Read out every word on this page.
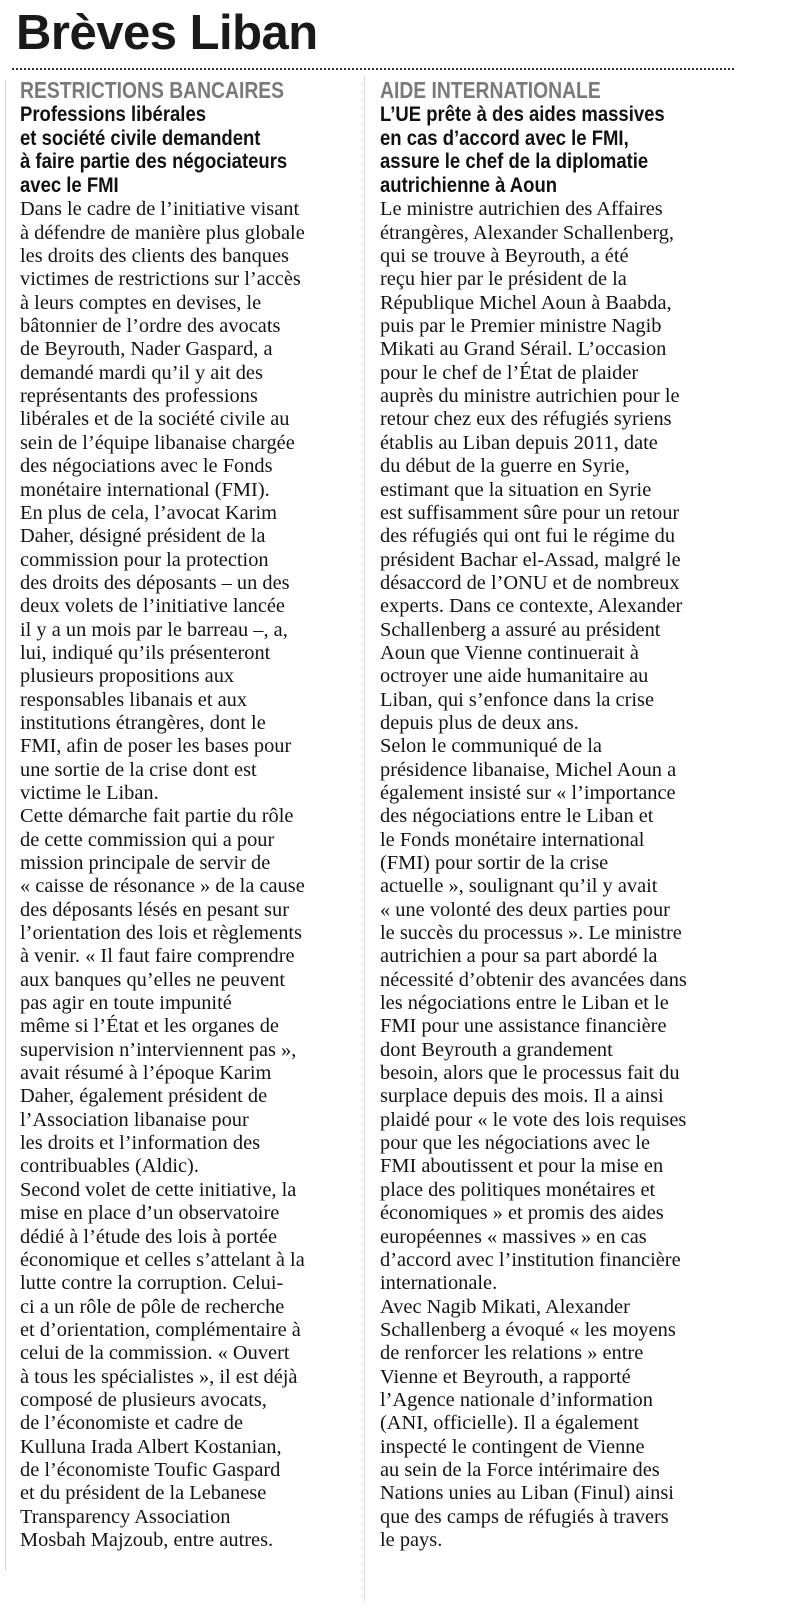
Brèves Liban
RESTRICTIONS BANCAIRES
Professions libérales
et société civile demandent
à faire partie des négociateurs
avec le FMI

Dans le cadre de l’initiative visant
à défendre de manière plus globale
les droits des clients des banques
victimes de restrictions sur l’accès
à leurs comptes en devises, le
bâtonnier de l’ordre des avocats
de Beyrouth, Nader Gaspard, a
demandé mardi qu’il y ait des
représentants des professions
libérales et de la société civile au
sein de l’équipe libanaise chargée
des négociations avec le Fonds
monétaire international (FMI).

En plus de cela, l’avocat Karim
Daher, désigné président de la
commission pour la protection
des droits des déposants – un des
deux volets de l’initiative lancée
il y a un mois par le barreau –, a,
lui, indiqué qu’ils présenteront
plusieurs propositions aux
responsables libanais et aux
institutions étrangères, dont le
FMI, afin de poser les bases pour
une sortie de la crise dont est
victime le Liban.

Cette démarche fait partie du rôle
de cette commission qui a pour
mission principale de servir de
« caisse de résonance » de la cause
des déposants lésés en pesant sur
l’orientation des lois et règlements
à venir. « Il faut faire comprendre
aux banques qu’elles ne peuvent
pas agir en toute impunité
même si l’État et les organes de
supervision n’interviennent pas »,
avait résumé à l’époque Karim
Daher, également président de
l’Association libanaise pour
les droits et l’information des
contribuables (Aldic).

Second volet de cette initiative, la
mise en place d’un observatoire
dédié à l’étude des lois à portée
économique et celles s’attelant à la
lutte contre la corruption. Celui-
ci a un rôle de pôle de recherche
et d’orientation, complémentaire à
celui de la commission. « Ouvert
à tous les spécialistes », il est déjà
composé de plusieurs avocats,
de l’économiste et cadre de
Kulluna Irada Albert Kostanian,
de l’économiste Toufic Gaspard
et du président de la Lebanese
Transparency Association
Mosbah Majzoub, entre autres.

AIDE INTERNATIONALE
L’UE prête à des aides massives
en cas d’accord avec le FMI,
assure le chef de la diplomatie
autrichienne à Aoun

Le ministre autrichien des Affaires
étrangères, Alexander Schallenberg,
qui se trouve à Beyrouth, a été
reçu hier par le président de la
République Michel Aoun à Baabda,
puis par le Premier ministre Nagib
Mikati au Grand Sérail. L’occasion
pour le chef de l’État de plaider
auprès du ministre autrichien pour le
retour chez eux des réfugiés syriens
établis au Liban depuis 2011, date
du début de la guerre en Syrie,
estimant que la situation en Syrie
est suffisamment sûre pour un retour
des réfugiés qui ont fui le régime du
président Bachar el-Assad, malgré le
désaccord de l’ONU et de nombreux
experts. Dans ce contexte, Alexander
Schallenberg a assuré au président
Aoun que Vienne continuerait à
octroyer une aide humanitaire au
Liban, qui s’enfonce dans la crise
depuis plus de deux ans.

Selon le communiqué de la
présidence libanaise, Michel Aoun a
également insisté sur « l’importance
des négociations entre le Liban et
le Fonds monétaire international
(FMI) pour sortir de la crise
actuelle », soulignant qu’il y avait
« une volonté des deux parties pour
le succès du processus ». Le ministre
autrichien a pour sa part abordé la
nécessité d’obtenir des avancées dans
les négociations entre le Liban et le
FMI pour une assistance financière
dont Beyrouth a grandement
besoin, alors que le processus fait du
surplace depuis des mois. Il a ainsi
plaidé pour « le vote des lois requises
pour que les négociations avec le
FMI aboutissent et pour la mise en
place des politiques monétaires et
économiques » et promis des aides
européennes « massives » en cas
d’accord avec l’institution financière
internationale.

Avec Nagib Mikati, Alexander
Schallenberg a évoqué « les moyens
de renforcer les relations » entre
Vienne et Beyrouth, a rapporté
l’Agence nationale d’information
(ANI, officielle). Il a également
inspecté le contingent de Vienne
au sein de la Force intérimaire des
Nations unies au Liban (Finul) ainsi
que des camps de réfugiés à travers
le pays.
